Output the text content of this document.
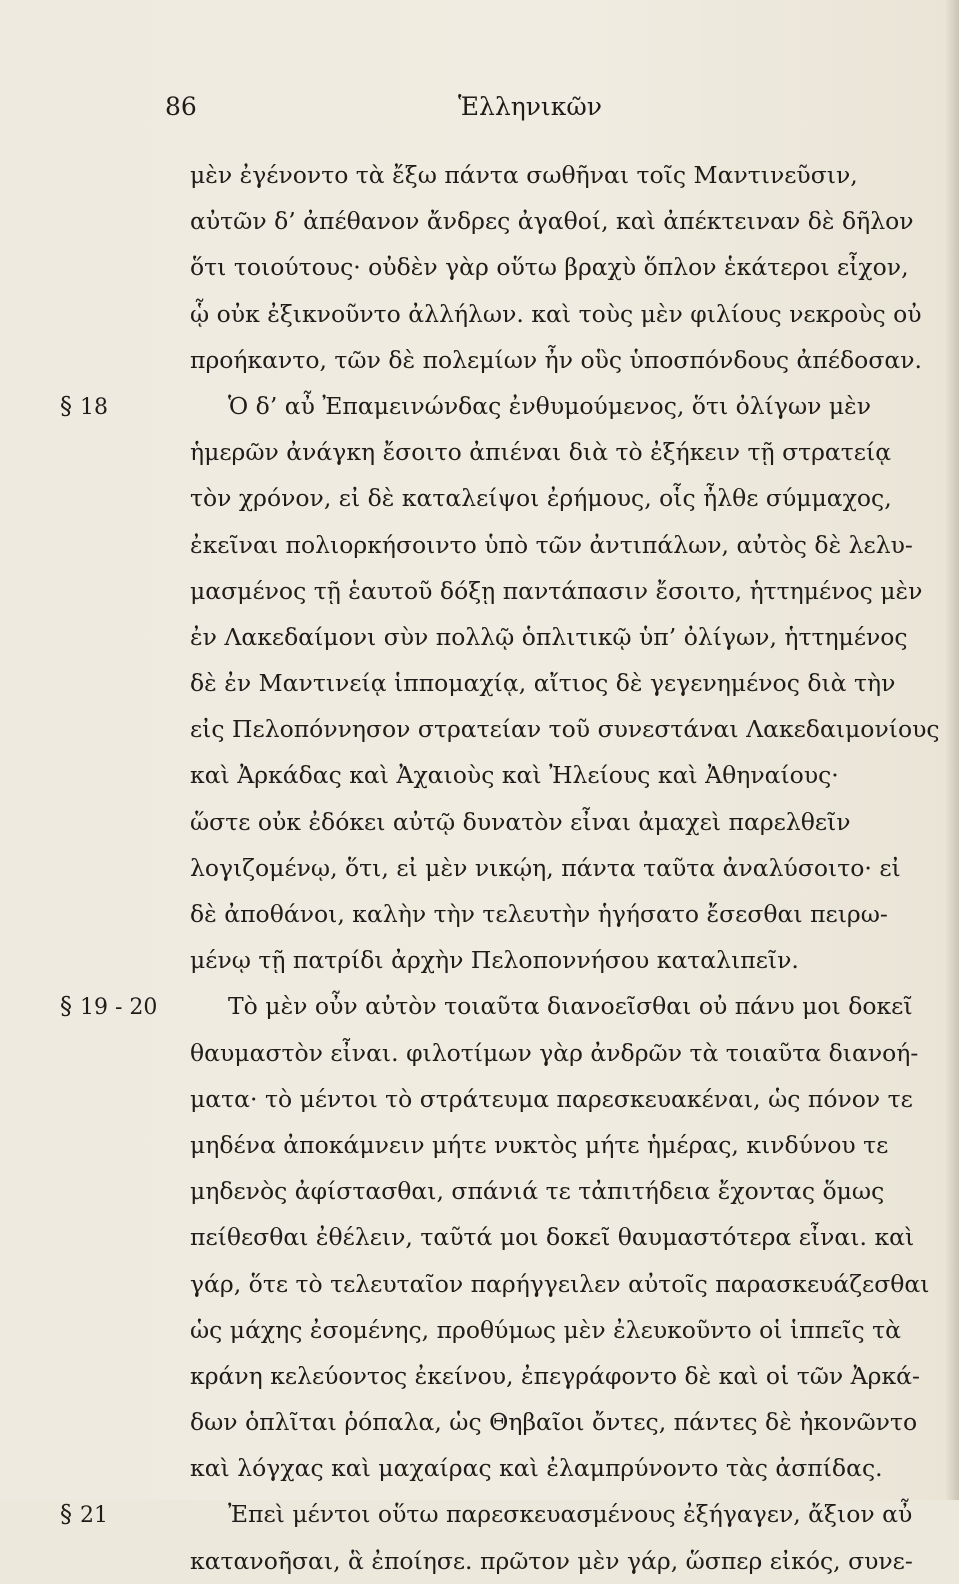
86	Ἑλληνικῶν
μὲν ἐγένοντο τὰ ἔξω πάντα σωθῆναι τοῖς Μαντινεῦσιν,
αὐτῶν δ’ ἀπέθανον ἄνδρες ἀγαθοί, καὶ ἀπέκτειναν δὲ δῆλον
ὅτι τοιούτους· οὐδὲν γὰρ οὕτω βραχὺ ὅπλον ἑκάτεροι εἶχον,
ᾧ οὐκ ἐξικνοῦντο ἀλλήλων. καὶ τοὺς μὲν φιλίους νεκροὺς οὐ
προήκαντο, τῶν δὲ πολεμίων ἦν οὓς ὑποσπόνδους ἀπέδοσαν.
§ 18	Ὁ δ’ αὖ Ἐπαμεινώνδας ἐνθυμούμενος, ὅτι ὀλίγων μὲν
ἡμερῶν ἀνάγκη ἔσοιτο ἀπιέναι διὰ τὸ ἐξήκειν τῇ στρατείᾳ
τὸν χρόνον, εἰ δὲ καταλείψοι ἐρήμους, οἷς ἦλθε σύμμαχος,
ἐκεῖναι πολιορκήσοιντο ὑπὸ τῶν ἀντιπάλων, αὐτὸς δὲ λελυ-
μασμένος τῇ ἑαυτοῦ δόξῃ παντάπασιν ἔσοιτο, ἡττημένος μὲν
ἐν Λακεδαίμονι σὺν πολλῷ ὁπλιτικῷ ὑπ’ ὀλίγων, ἡττημένος
δὲ ἐν Μαντινείᾳ ἱππομαχίᾳ, αἴτιος δὲ γεγενημένος διὰ τὴν
εἰς Πελοπόννησον στρατείαν τοῦ συνεστάναι Λακεδαιμονίους
καὶ Ἀρκάδας καὶ Ἀχαιοὺς καὶ Ἠλείους καὶ Ἀθηναίους·
ὥστε οὐκ ἐδόκει αὐτῷ δυνατὸν εἶναι ἀμαχεὶ παρελθεῖν
λογιζομένῳ, ὅτι, εἰ μὲν νικῴη, πάντα ταῦτα ἀναλύσοιτο· εἰ
δὲ ἀποθάνοι, καλὴν τὴν τελευτὴν ἡγήσατο ἔσεσθαι πειρω-
μένῳ τῇ πατρίδι ἀρχὴν Πελοποννήσου καταλιπεῖν.
§ 19 - 20	Τὸ μὲν οὖν αὐτὸν τοιαῦτα διανοεῖσθαι οὐ πάνυ μοι δοκεῖ
θαυμαστὸν εἶναι. φιλοτίμων γὰρ ἀνδρῶν τὰ τοιαῦτα διανοή-
ματα· τὸ μέντοι τὸ στράτευμα παρεσκευακέναι, ὡς πόνον τε
μηδένα ἀποκάμνειν μήτε νυκτὸς μήτε ἡμέρας, κινδύνου τε
μηδενὸς ἀφίστασθαι, σπάνιά τε τἀπιτήδεια ἔχοντας ὅμως
πείθεσθαι ἐθέλειν, ταῦτά μοι δοκεῖ θαυμαστότερα εἶναι. καὶ
γάρ, ὅτε τὸ τελευταῖον παρήγγειλεν αὐτοῖς παρασκευάζεσθαι
ὡς μάχης ἐσομένης, προθύμως μὲν ἐλευκοῦντο οἱ ἱππεῖς τὰ
κράνη κελεύοντος ἐκείνου, ἐπεγράφοντο δὲ καὶ οἱ τῶν Ἀρκά-
δων ὁπλῖται ῥόπαλα, ὡς Θηβαῖοι ὄντες, πάντες δὲ ἠκονῶντο
καὶ λόγχας καὶ μαχαίρας καὶ ἐλαμπρύνοντο τὰς ἀσπίδας.
§ 21	Ἐπεὶ μέντοι οὕτω παρεσκευασμένους ἐξήγαγεν, ἄξιον αὖ
κατανοῆσαι, ἃ ἐποίησε. πρῶτον μὲν γάρ, ὥσπερ εἰκός, συνε-
